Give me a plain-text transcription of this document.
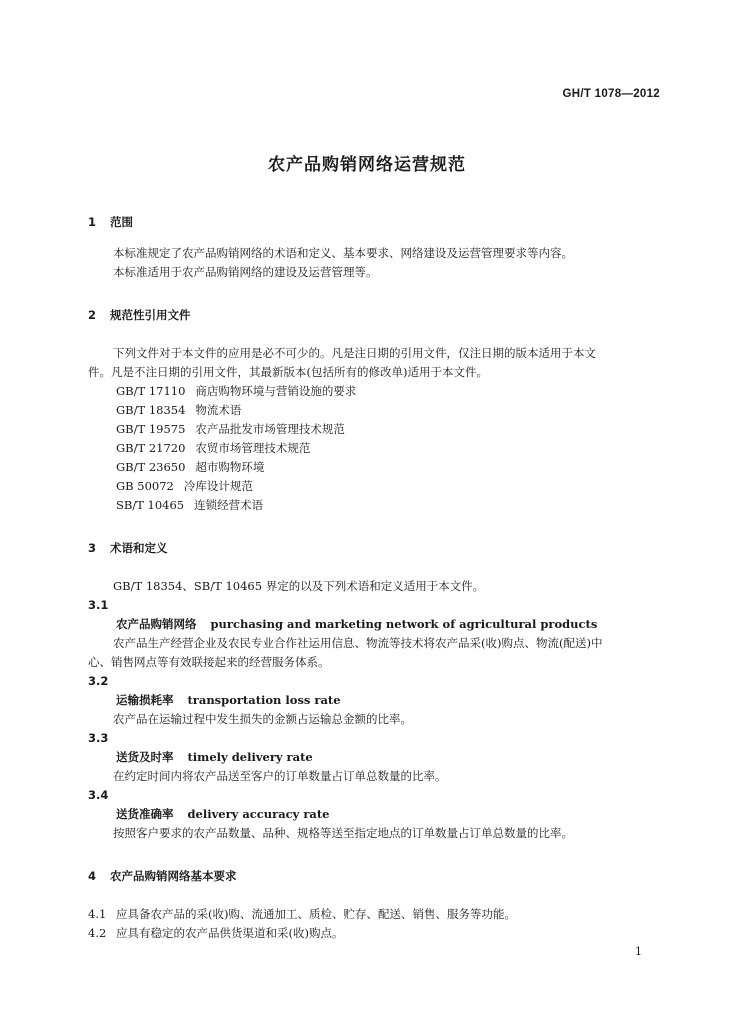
GH/T 1078—2012
农产品购销网络运营规范
1 范围

本标准规定了农产品购销网络的术语和定义、基本要求、网络建设及运营管理要求等内容。

本标准适用于农产品购销网络的建设及运营管理等。

2 规范性引用文件

下列文件对于本文件的应用是必不可少的。凡是注日期的引用文件，仅注日期的版本适用于本文

件。凡是不注日期的引用文件，其最新版本(包括所有的修改单)适用于本文件。

GB/T 17110 商店购物环境与营销设施的要求
GB/T 18354 物流术语
GB/T 19575 农产品批发市场管理技术规范
GB/T 21720 农贸市场管理技术规范
GB/T 23650 超市购物环境
GB 50072 冷库设计规范
SB/T 10465 连锁经营术语
3 术语和定义

GB/T 18354、SB/T 10465 界定的以及下列术语和定义适用于本文件。

3.1
农产品购销网络 purchasing and marketing network of agricultural products

农产品生产经营企业及农民专业合作社运用信息、物流等技术将农产品采(收)购点、物流(配送)中

心、销售网点等有效联接起来的经营服务体系。

3.2
运输损耗率 transportation loss rate

农产品在运输过程中发生损失的金额占运输总金额的比率。

3.3
送货及时率 timely delivery rate

在约定时间内将农产品送至客户的订单数量占订单总数量的比率。

3.4
送货准确率 delivery accuracy rate

按照客户要求的农产品数量、品种、规格等送至指定地点的订单数量占订单总数量的比率。

4 农产品购销网络基本要求
4.1 应具备农产品的采(收)购、流通加工、质检、贮存、配送、销售、服务等功能。
4.2 应具有稳定的农产品供货渠道和采(收)购点。
1
